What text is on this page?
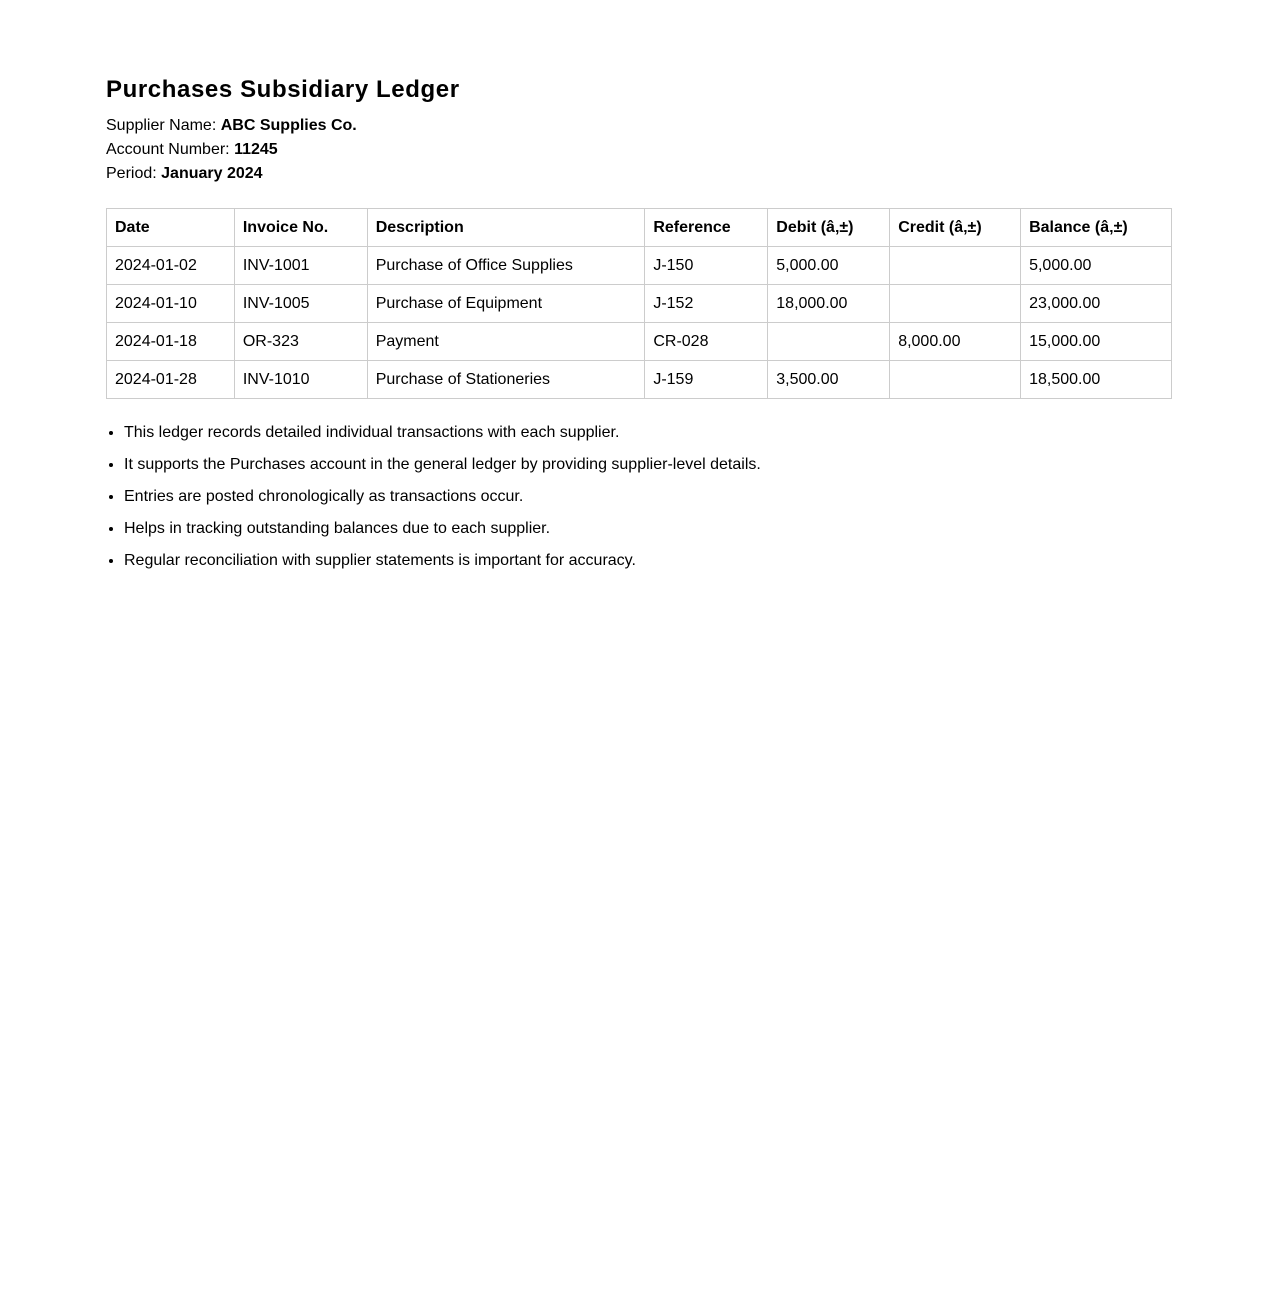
Purchases Subsidiary Ledger
Supplier Name: ABC Supplies Co.
Account Number: 11245
Period: January 2024
Date	Invoice No.	Description	Reference	Debit (â‚±)	Credit (â‚±)	Balance (â‚±)
2024-01-02	INV-1001	Purchase of Office Supplies	J-150	5,000.00		5,000.00
2024-01-10	INV-1005	Purchase of Equipment	J-152	18,000.00		23,000.00
2024-01-18	OR-323	Payment	CR-028		8,000.00	15,000.00
2024-01-28	INV-1010	Purchase of Stationeries	J-159	3,500.00		18,500.00
• This ledger records detailed individual transactions with each supplier.
• It supports the Purchases account in the general ledger by providing supplier-level details.
• Entries are posted chronologically as transactions occur.
• Helps in tracking outstanding balances due to each supplier.
• Regular reconciliation with supplier statements is important for accuracy.
